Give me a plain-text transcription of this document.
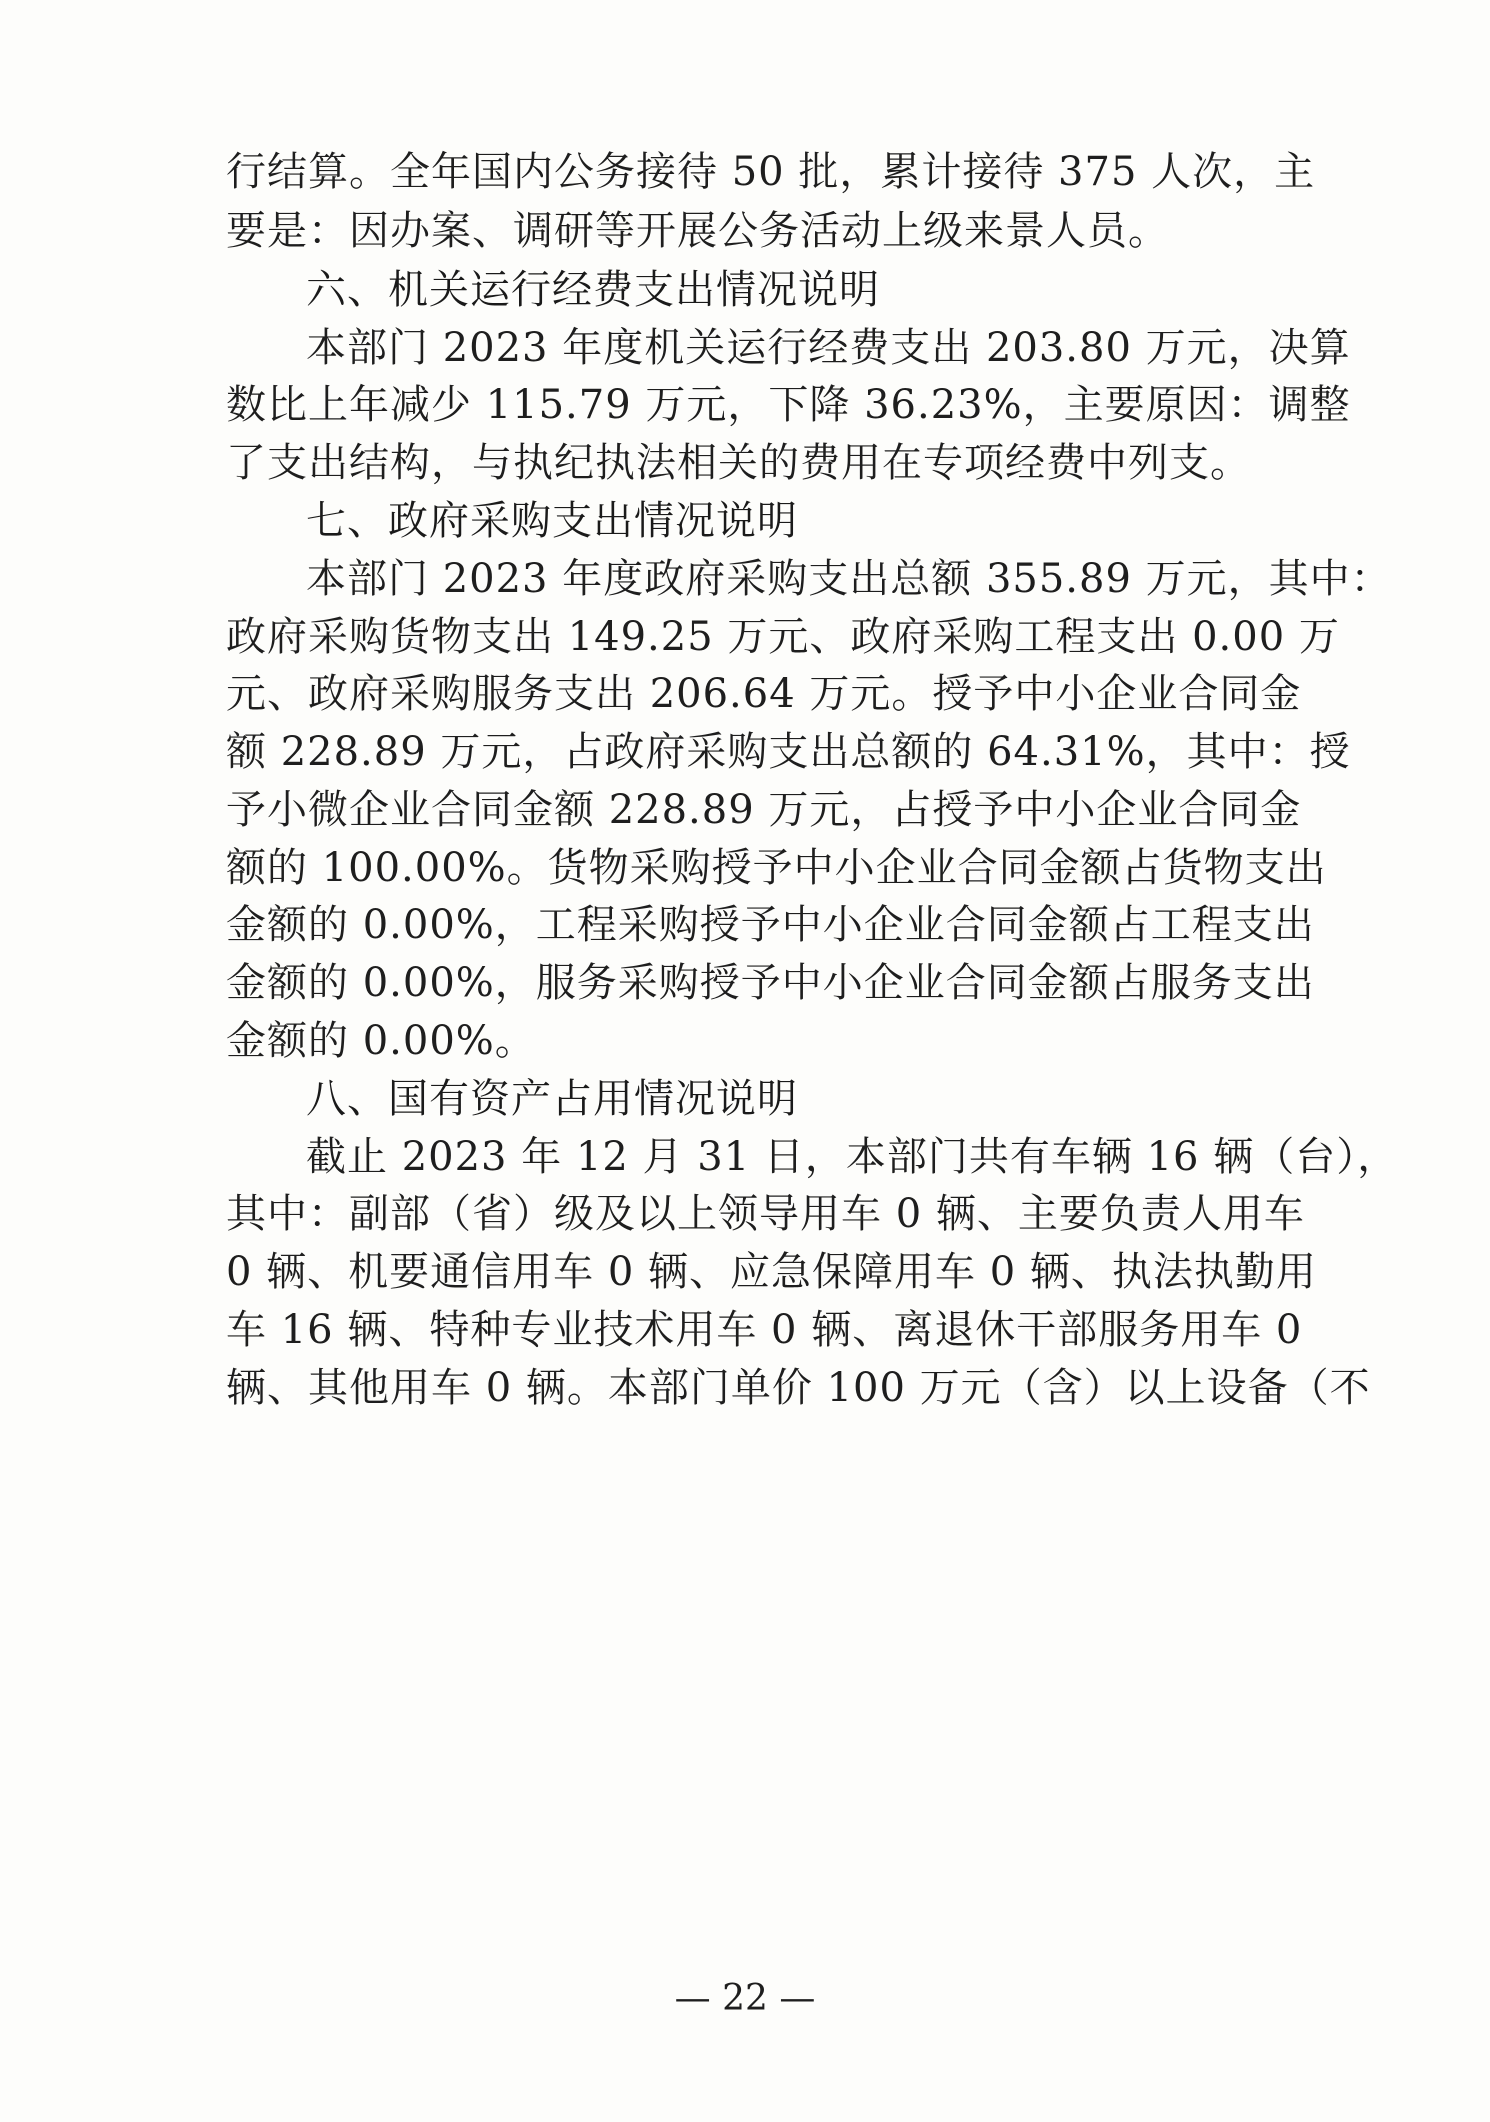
行结算。全年国内公务接待 50 批，累计接待 375 人次，主
要是：因办案、调研等开展公务活动上级来景人员。
六、机关运行经费支出情况说明
本部门 2023 年度机关运行经费支出 203.80 万元，决算
数比上年减少 115.79 万元，下降 36.23%，主要原因：调整
了支出结构，与执纪执法相关的费用在专项经费中列支。
七、政府采购支出情况说明
本部门 2023 年度政府采购支出总额 355.89 万元，其中：
政府采购货物支出 149.25 万元、政府采购工程支出 0.00 万
元、政府采购服务支出 206.64 万元。授予中小企业合同金
额 228.89 万元，占政府采购支出总额的 64.31%，其中：授
予小微企业合同金额 228.89 万元，占授予中小企业合同金
额的 100.00%。货物采购授予中小企业合同金额占货物支出
金额的 0.00%，工程采购授予中小企业合同金额占工程支出
金额的 0.00%，服务采购授予中小企业合同金额占服务支出
金额的 0.00%。
八、国有资产占用情况说明
截止 2023 年 12 月 31 日，本部门共有车辆 16 辆（台），
其中：副部（省）级及以上领导用车 0 辆、主要负责人用车
0 辆、机要通信用车 0 辆、应急保障用车 0 辆、执法执勤用
车 16 辆、特种专业技术用车 0 辆、离退休干部服务用车 0
辆、其他用车 0 辆。本部门单价 100 万元（含）以上设备（不
— 22 —
